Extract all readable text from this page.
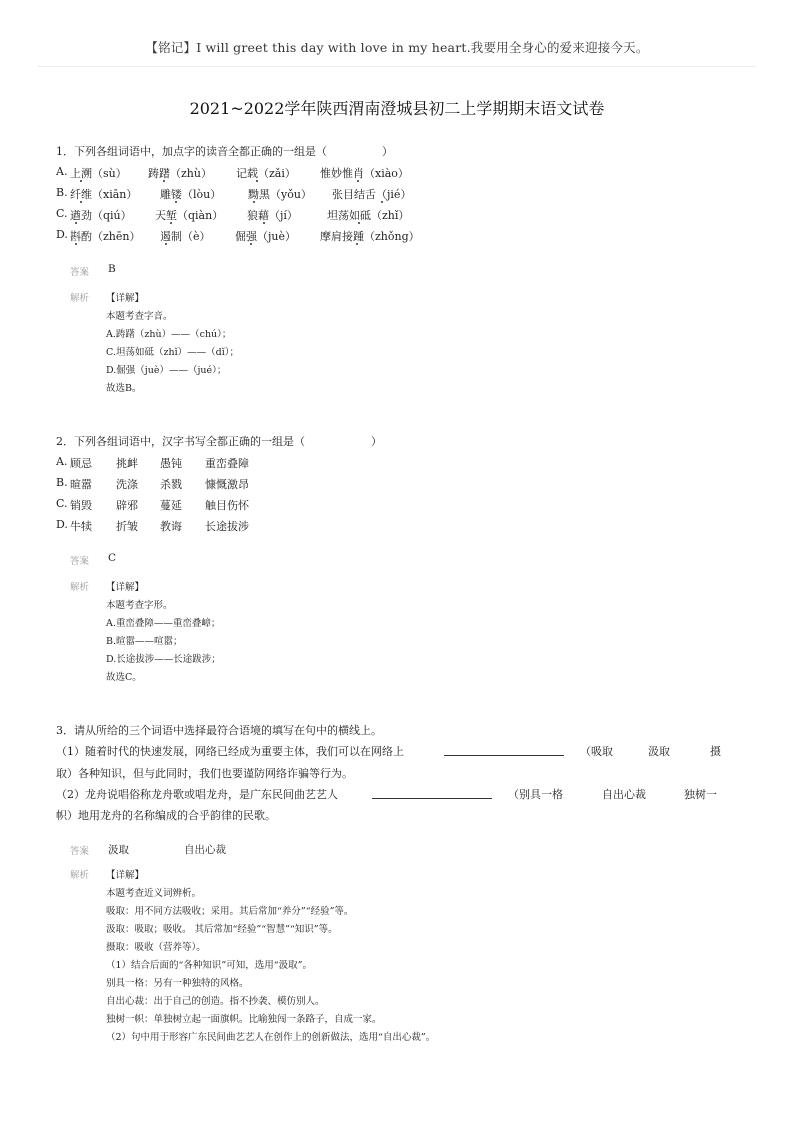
【铭记】I will greet this day with love in my heart.我要用全身心的爱来迎接今天。
2021~2022学年陕西渭南澄城县初二上学期期末语文试卷
1．下列各组词语中，加点字的读音全都正确的一组是（　　　　　）
A. 上溯（sù） 踌躇（zhù） 记载（zǎi） 惟妙惟肖（xiào）
B. 纤维（xiān） 雕镂（lòu） 黝黑（yǒu） 张目结舌（jié）
C. 遒劲（qiú） 天堑（qiàn） 狼藉（jí）	坦荡如砥（zhǐ）
D. 斟酌（zhēn） 遏制（è） 倔强（juè） 摩肩接踵（zhǒng）
答案 B
解析 【详解】
本题考查字音。
A.踌躇（zhù）——（chú）；
C.坦荡如砥（zhǐ）——（dǐ）；
D.倔强（juè）——（jué）；
故选B。
2．下列各组词语中，汉字书写全都正确的一组是（　　　　　　）
A. 顾忌 挑衅 愚钝 重峦叠障
B. 暄嚣 洗涤 杀戮 慷慨激昂
C. 销毁 辟邪 蔓延 触目伤怀
D. 牛犊 折皱 教诲 长途拔涉
答案 C
解析 【详解】
本题考查字形。
A.重峦叠障——重峦叠嶂；
B.暄嚣——喧嚣；
D.长途拔涉——长途跋涉；
故选C。
3．请从所给的三个词语中选择最符合语境的填写在句中的横线上。
（1）随着时代的快速发展，网络已经成为重要主体，我们可以在网络上	（吸取	汲取	摄
取）各种知识，但与此同时，我们也要谨防网络诈骗等行为。
（2）龙舟说唱俗称龙舟歌或唱龙舟，是广东民间曲艺艺人	（别具一格	自出心裁	独树一
帜）地用龙舟的名称编成的合乎韵律的民歌。
答案 汲取	自出心裁
解析 【详解】
本题考查近义词辨析。
吸取：用不同方法吸收；采用。其后常加“养分”“经验”等。
汲取：吸取；吸收。 其后常加“经验”“智慧”“知识”等。
摄取：吸收（营养等）。
（1）结合后面的“各种知识”可知，选用“汲取”。
别具一格：另有一种独特的风格。
自出心裁：出于自己的创造。指不抄袭、模仿别人。
独树一帜：单独树立起一面旗帜。比喻独闯一条路子，自成一家。
（2）句中用于形容广东民间曲艺艺人在创作上的创新做法，选用“自出心裁”。
